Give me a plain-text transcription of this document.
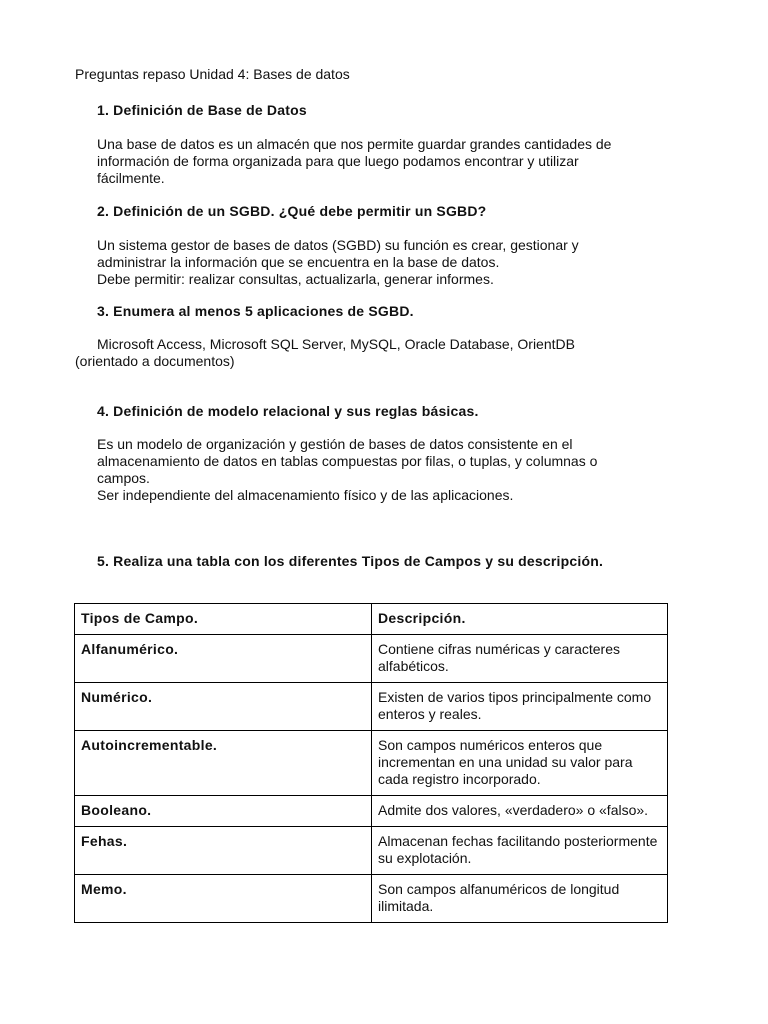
Preguntas repaso Unidad 4: Bases de datos
1. Definición de Base de Datos

Una base de datos es un almacén que nos permite guardar grandes cantidades de

información de forma organizada para que luego podamos encontrar y utilizar

fácilmente.

2. Definición de un SGBD. ¿Qué debe permitir un SGBD?

Un sistema gestor de bases de datos (SGBD) su función es crear, gestionar y

administrar la información que se encuentra en la base de datos.

Debe permitir: realizar consultas, actualizarla, generar informes.

3. Enumera al menos 5 aplicaciones de SGBD.

Microsoft Access, Microsoft SQL Server, MySQL, Oracle Database, OrientDB

(orientado a documentos)

4. Definición de modelo relacional y sus reglas básicas.

Es un modelo de organización y gestión de bases de datos consistente en el

almacenamiento de datos en tablas compuestas por filas, o tuplas, y columnas o

campos.

Ser independiente del almacenamiento físico y de las aplicaciones.

5. Realiza una tabla con los diferentes Tipos de Campos y su descripción.
Tipos de Campo.	Descripción.
Alfanumérico.	Contiene cifras numéricas y caracteres alfabéticos.
Numérico.	Existen de varios tipos principalmente como enteros y reales.
Autoincrementable.	Son campos numéricos enteros que incrementan en una unidad su valor para cada registro incorporado.
Booleano.	Admite dos valores, «verdadero» o «falso».
Fehas.	Almacenan fechas facilitando posteriormente su explotación.
Memo.	Son campos alfanuméricos de longitud ilimitada.
